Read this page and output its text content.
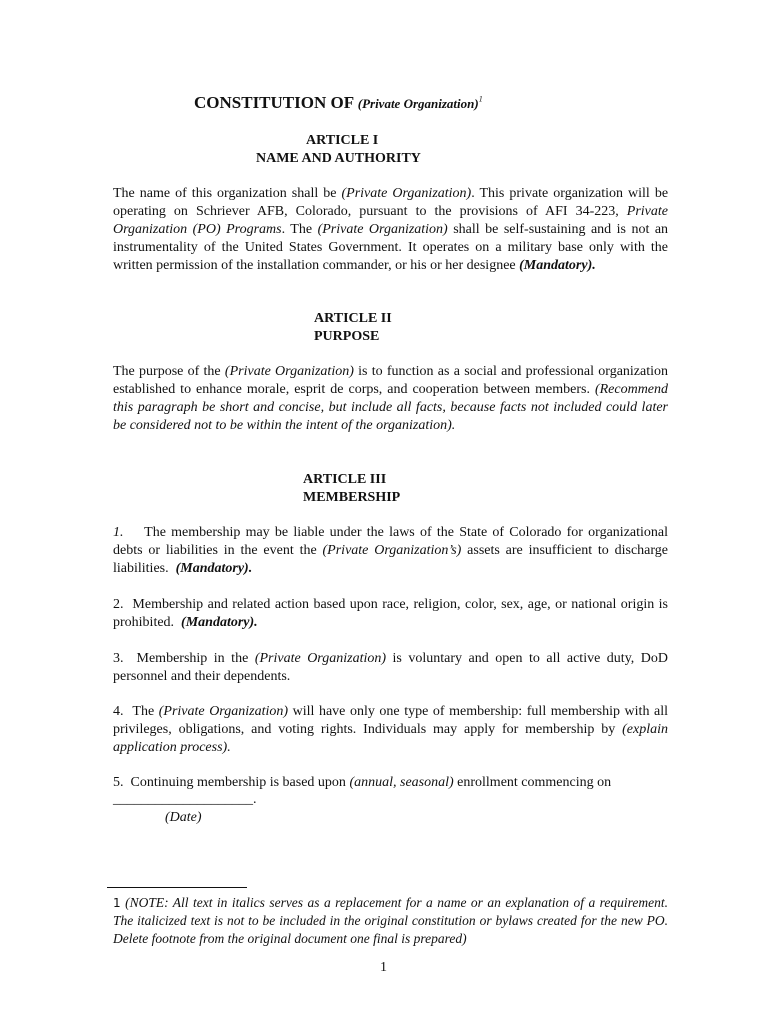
CONSTITUTION OF (Private Organization)$^1$
ARTICLE I
NAME AND AUTHORITY
The name of this organization shall be (Private Organization). This private organization will be operating on Schriever AFB, Colorado, pursuant to the provisions of AFI 34-223, Private Organization (PO) Programs. The (Private Organization) shall be self-sustaining and is not an instrumentality of the United States Government. It operates on a military base only with the written permission of the installation commander, or his or her designee (Mandatory).
ARTICLE II
PURPOSE
The purpose of the (Private Organization) is to function as a social and professional organization established to enhance morale, esprit de corps, and cooperation between members. (Recommend this paragraph be short and concise, but include all facts, because facts not included could later be considered not to be within the intent of the organization).
ARTICLE III
MEMBERSHIP
1. The membership may be liable under the laws of the State of Colorado for organizational debts or liabilities in the event the (Private Organization’s) assets are insufficient to discharge liabilities. (Mandatory).
2. Membership and related action based upon race, religion, color, sex, age, or national origin is prohibited. (Mandatory).
3. Membership in the (Private Organization) is voluntary and open to all active duty, DoD personnel and their dependents.
4. The (Private Organization) will have only one type of membership: full membership with all privileges, obligations, and voting rights. Individuals may apply for membership by (explain application process).
5. Continuing membership is based upon (annual, seasonal) enrollment commencing on
____________________.
(Date)
1 (NOTE: All text in italics serves as a replacement for a name or an explanation of a requirement. The italicized text is not to be included in the original constitution or bylaws created for the new PO. Delete footnote from the original document one final is prepared)
1
